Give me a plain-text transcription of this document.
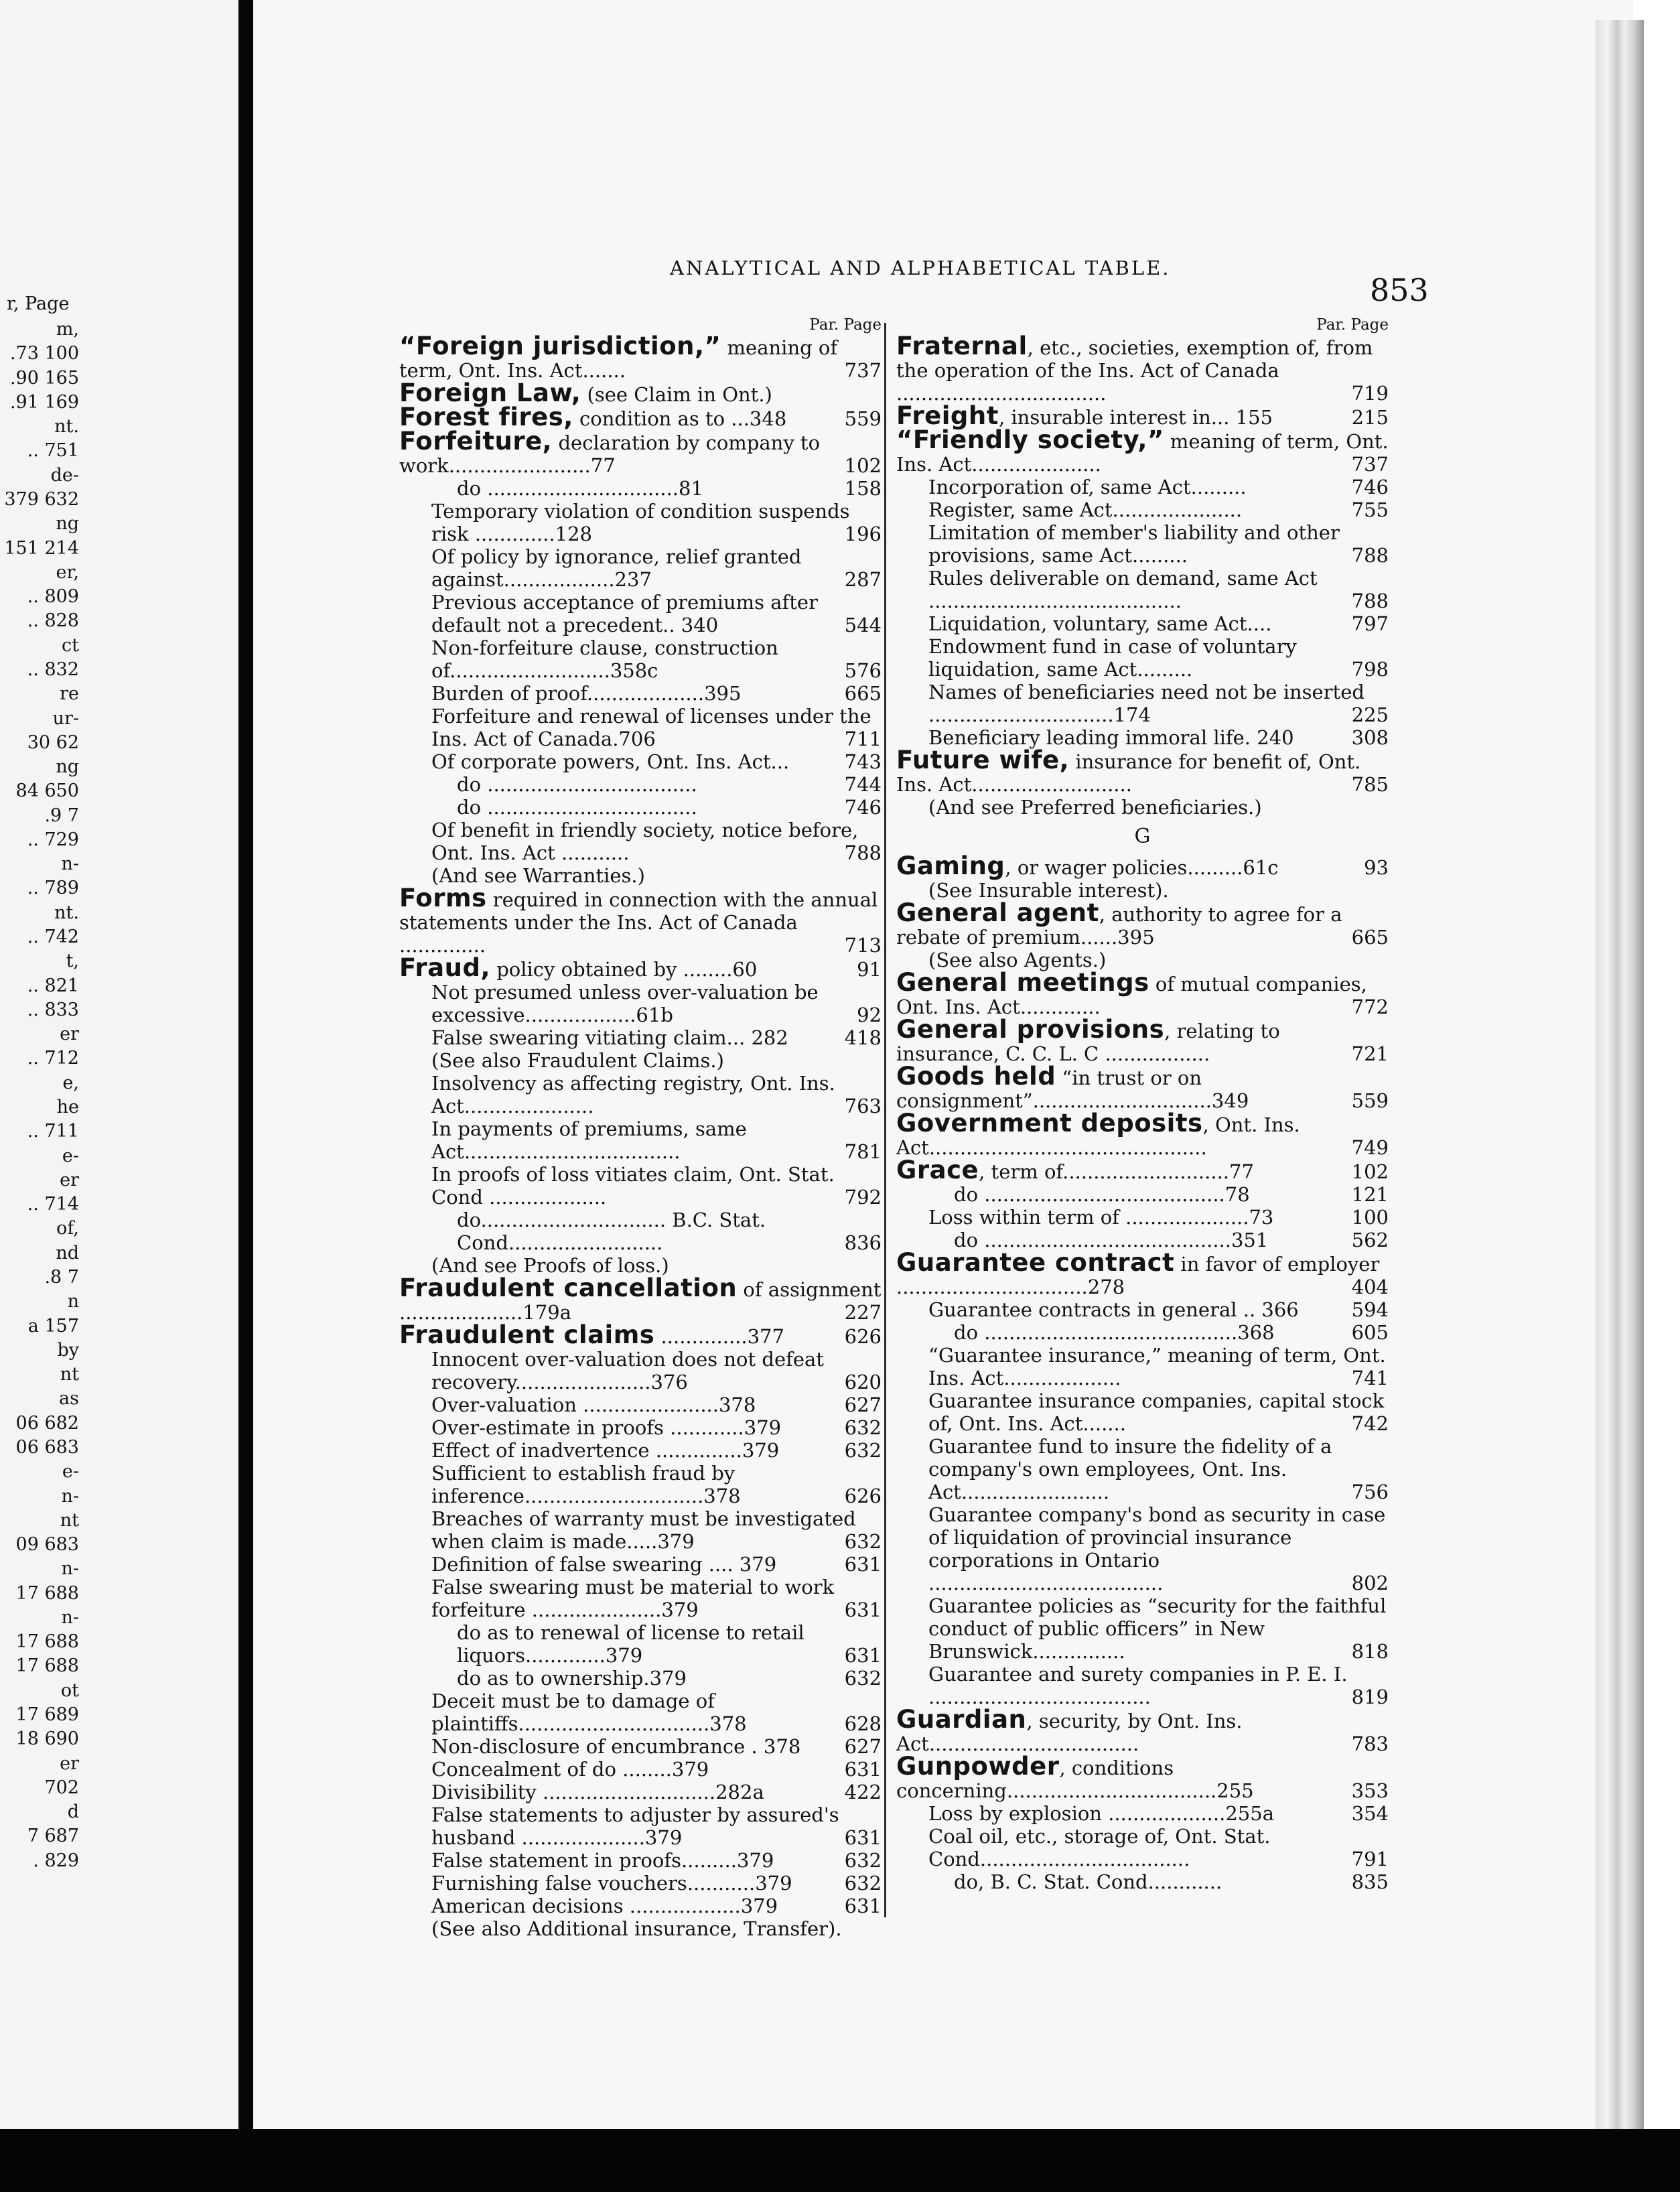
r, Page
m,
.73 100
.90 165
.91 169
nt.
.. 751
de-
379 632
ng
151 214
er,
.. 809
.. 828
ct
.. 832
re
ur-
30 62
ng
84 650
.9 7
.. 729
n-
.. 789
nt.
.. 742
t,
.. 821
.. 833
er
.. 712
e,
he
.. 711
e-
er
.. 714
of,
nd
.8 7
n
a 157
by
nt
as
06 682
06 683
e-
n-
nt
09 683
n-
17 688
n-
17 688
17 688
ot
17 689
18 690
er
702
d
7 687
. 829
ANALYTICAL AND ALPHABETICAL TABLE.
853
Par. Page
“Foreign jurisdiction,” meaning of term, Ont. Ins. Act.......	737
Foreign Law, (see Claim in Ont.)
Forest fires, condition as to ...348	559
Forfeiture, declaration by company to work.......................77	102
do ...............................81	158
Temporary violation of condition suspends risk .............128	196
Of policy by ignorance, relief granted against..................237	287
Previous acceptance of premiums after default not a precedent.. 340	544
Non-forfeiture clause, construction of..........................358c	576
Burden of proof...................395	665
Forfeiture and renewal of licenses under the Ins. Act of Canada.706	711
Of corporate powers, Ont. Ins. Act...	743
do ..................................	744
do ..................................	746
Of benefit in friendly society, notice before, Ont. Ins. Act ...........	788
(And see Warranties.)
Forms required in connection with the annual statements under the Ins. Act of Canada ..............	713
Fraud, policy obtained by ........60	91
Not presumed unless over-valuation be excessive..................61b	92
False swearing vitiating claim... 282	418
(See also Fraudulent Claims.)
Insolvency as affecting registry, Ont. Ins. Act.....................	763
In payments of premiums, same Act...................................	781
In proofs of loss vitiates claim, Ont. Stat. Cond ...................	792
do.............................. B.C. Stat. Cond.........................	836
(And see Proofs of loss.)
Fraudulent cancellation of assignment ....................179a	227
Fraudulent claims ..............377	626
Innocent over-valuation does not defeat recovery......................376	620
Over-valuation ......................378	627
Over-estimate in proofs ............379	632
Effect of inadvertence ..............379	632
Sufficient to establish fraud by inference.............................378	626
Breaches of warranty must be investigated when claim is made.....379	632
Definition of false swearing .... 379	631
False swearing must be material to work forfeiture .....................379	631
do as to renewal of license to retail liquors.............379	631
do as to ownership.379	632
Deceit must be to damage of plaintiffs...............................378	628
Non-disclosure of encumbrance . 378	627
Concealment of do ........379	631
Divisibility ............................282a	422
False statements to adjuster by assured's husband ....................379	631
False statement in proofs.........379	632
Furnishing false vouchers...........379	632
American decisions ..................379	631
(See also Additional insurance, Transfer).
Par. Page
Fraternal, etc., societies, exemption of, from the operation of the Ins. Act of Canada ..................................	719
Freight, insurable interest in... 155	215
“Friendly society,” meaning of term, Ont. Ins. Act.....................	737
Incorporation of, same Act.........	746
Register, same Act.....................	755
Limitation of member's liability and other provisions, same Act.........	788
Rules deliverable on demand, same Act .........................................	788
Liquidation, voluntary, same Act....	797
Endowment fund in case of voluntary liquidation, same Act.........	798
Names of beneficiaries need not be inserted ..............................174	225
Beneficiary leading immoral life. 240	308
Future wife, insurance for benefit of, Ont. Ins. Act..........................	785
(And see Preferred beneficiaries.)
G
Gaming, or wager policies.........61c	93
(See Insurable interest).
General agent, authority to agree for a rebate of premium......395	665
(See also Agents.)
General meetings of mutual companies, Ont. Ins. Act.............	772
General provisions, relating to insurance, C. C. L. C .................	721
Goods held “in trust or on consignment”.............................349	559
Government deposits, Ont. Ins. Act.............................................	749
Grace, term of...........................77	102
do .......................................78	121
Loss within term of ....................73	100
do ........................................351	562
Guarantee contract in favor of employer ...............................278	404
Guarantee contracts in general .. 366	594
do .........................................368	605
“Guarantee insurance,” meaning of term, Ont. Ins. Act...................	741
Guarantee insurance companies, capital stock of, Ont. Ins. Act.......	742
Guarantee fund to insure the fidelity of a company's own employees, Ont. Ins. Act........................	756
Guarantee company's bond as security in case of liquidation of provincial insurance corporations in Ontario ......................................	802
Guarantee policies as “security for the faithful conduct of public officers” in New Brunswick...............	818
Guarantee and surety companies in P. E. I. ....................................	819
Guardian, security, by Ont. Ins. Act..................................	783
Gunpowder, conditions concerning..................................255	353
Loss by explosion ...................255a	354
Coal oil, etc., storage of, Ont. Stat. Cond..................................	791
do, B. C. Stat. Cond............	835
